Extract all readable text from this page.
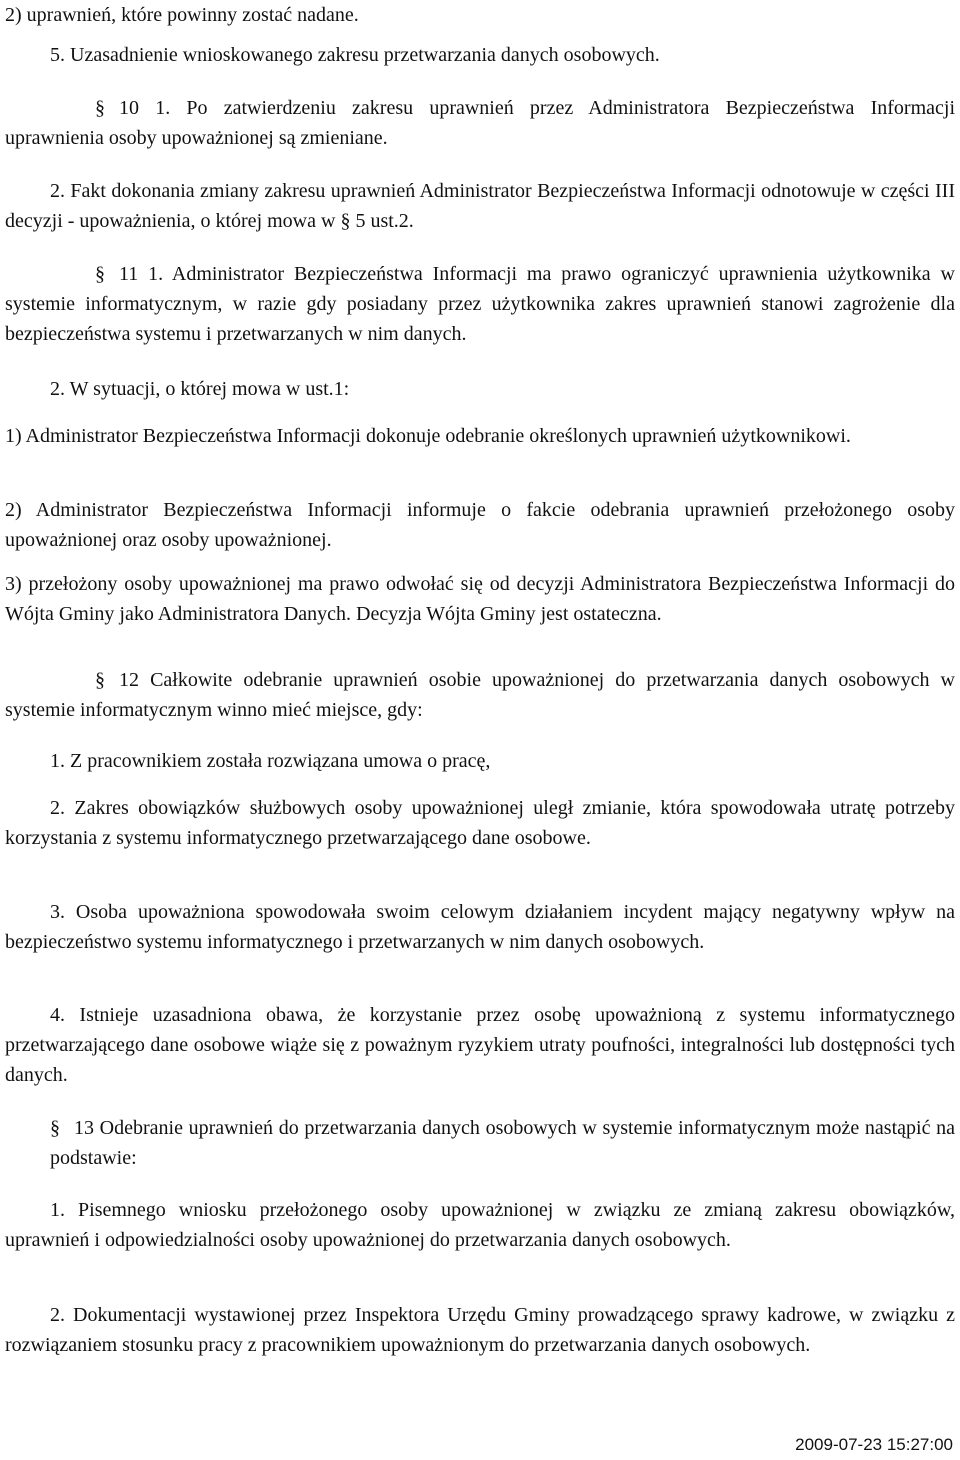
2) uprawnień, które powinny zostać nadane.

5. Uzasadnienie wnioskowanego zakresu przetwarzania danych osobowych.

§ 10 1. Po zatwierdzeniu zakresu uprawnień przez Administratora Bezpieczeństwa Informacji uprawnienia osoby upoważnionej są zmieniane.

2. Fakt dokonania zmiany zakresu uprawnień Administrator Bezpieczeństwa Informacji odnotowuje w części III decyzji - upoważnienia, o której mowa w § 5 ust.2.

§ 11 1. Administrator Bezpieczeństwa Informacji ma prawo ograniczyć uprawnienia użytkownika w systemie informatycznym, w razie gdy posiadany przez użytkownika zakres uprawnień stanowi zagrożenie dla bezpieczeństwa systemu i przetwarzanych w nim danych.

2. W sytuacji, o której mowa w ust.1:

1) Administrator Bezpieczeństwa Informacji dokonuje odebranie określonych uprawnień użytkownikowi.

2) Administrator Bezpieczeństwa Informacji informuje o fakcie odebrania uprawnień przełożonego osoby upoważnionej oraz osoby upoważnionej.

3) przełożony osoby upoważnionej ma prawo odwołać się od decyzji Administratora Bezpieczeństwa Informacji do Wójta Gminy jako Administratora Danych. Decyzja Wójta Gminy jest ostateczna.

§ 12 Całkowite odebranie uprawnień osobie upoważnionej do przetwarzania danych osobowych w systemie informatycznym winno mieć miejsce, gdy:

1. Z pracownikiem została rozwiązana umowa o pracę,

2. Zakres obowiązków służbowych osoby upoważnionej uległ zmianie, która spowodowała utratę potrzeby korzystania z systemu informatycznego przetwarzającego dane osobowe.

3. Osoba upoważniona spowodowała swoim celowym działaniem incydent mający negatywny wpływ na bezpieczeństwo systemu informatycznego i przetwarzanych w nim danych osobowych.

4. Istnieje uzasadniona obawa, że korzystanie przez osobę upoważnioną z systemu informatycznego przetwarzającego dane osobowe wiąże się z poważnym ryzykiem utraty poufności, integralności lub dostępności tych danych.

§ 13 Odebranie uprawnień do przetwarzania danych osobowych w systemie informatycznym może nastąpić na podstawie:

1. Pisemnego wniosku przełożonego osoby upoważnionej w związku ze zmianą zakresu obowiązków, uprawnień i odpowiedzialności osoby upoważnionej do przetwarzania danych osobowych.

2. Dokumentacji wystawionej przez Inspektora Urzędu Gminy prowadzącego sprawy kadrowe, w związku z rozwiązaniem stosunku pracy z pracownikiem upoważnionym do przetwarzania danych osobowych.

2009-07-23 15:27:00
